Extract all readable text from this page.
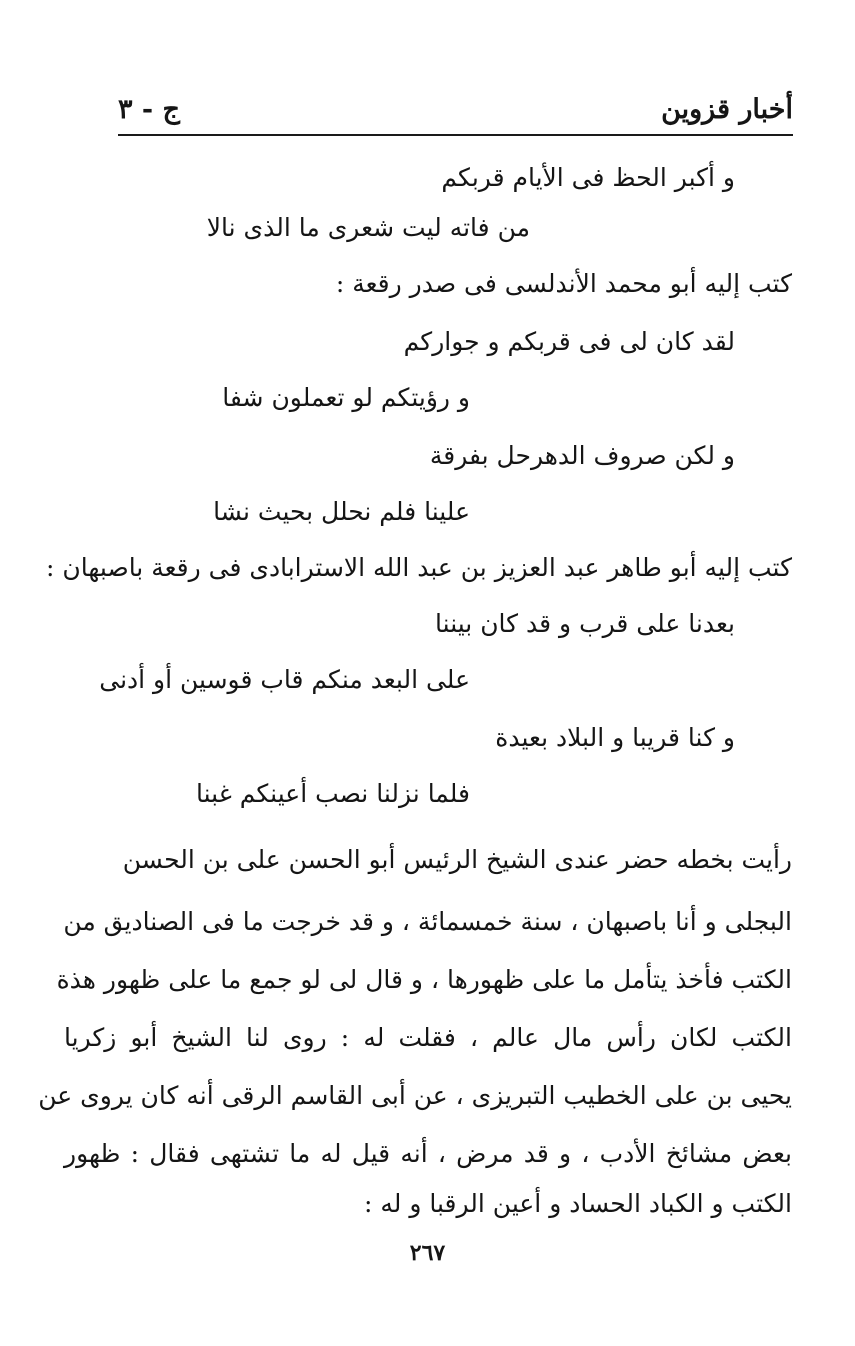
أخبار قزوين
ج - ٣
و أكبر الحظ فى الأيام قربكم
من فاته ليت شعرى ما الذى نالا
كتب إليه أبو محمد الأندلسى فى صدر رقعة :
لقد كان لى فى قربكم و جواركم
و رؤيتكم لو تعملون شفا
و لكن صروف الدهرحل بفرقة
علينا فلم نحلل بحيث نشا
كتب إليه أبو طاهر عبد العزيز بن عبد الله الاسترابادى فى رقعة باصبهان :
بعدنا على قرب و قد كان بيننا
على البعد منكم قاب قوسين أو أدنى
و كنا قريبا و البلاد بعيدة
فلما نزلنا نصب أعينكم غبنا
رأيت بخطه حضر عندى الشيخ الرئيس أبو الحسن على بن الحسن
البجلى و أنا باصبهان ، سنة خمسمائة ، و قد خرجت ما فى الصناديق من
الكتب فأخذ يتأمل ما على ظهورها ، و قال لى لو جمع ما على ظهور هذة
الكتب لكان رأس مال عالم ، فقلت له : روى لنا الشيخ أبو زكريا
يحيى بن على الخطيب التبريزى ، عن أبى القاسم الرقى أنه كان يروى عن
بعض مشائخ الأدب ، و قد مرض ، أنه قيل له ما تشتهى فقال : ظهور
الكتب و الكباد الحساد و أعين الرقبا و له :
٢٦٧
